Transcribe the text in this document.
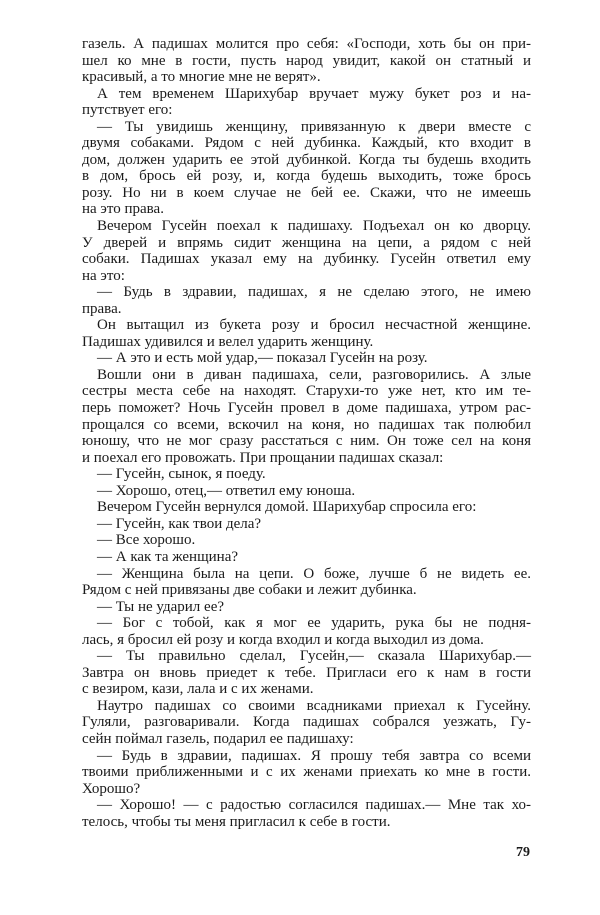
газель. А падишах молится про себя: «Господи, хоть бы он при-
шел ко мне в гости, пусть народ увидит, какой он статный и
красивый, а то многие мне не верят».
А тем временем Шарихубар вручает мужу букет роз и на-
путствует его:
— Ты увидишь женщину, привязанную к двери вместе с
двумя собаками. Рядом с ней дубинка. Каждый, кто входит в
дом, должен ударить ее этой дубинкой. Когда ты будешь входить
в дом, брось ей розу, и, когда будешь выходить, тоже брось
розу. Но ни в коем случае не бей ее. Скажи, что не имеешь
на это права.
Вечером Гусейн поехал к падишаху. Подъехал он ко дворцу.
У дверей и впрямь сидит женщина на цепи, а рядом с ней
собаки. Падишах указал ему на дубинку. Гусейн ответил ему
на это:
— Будь в здравии, падишах, я не сделаю этого, не имею
права.
Он вытащил из букета розу и бросил несчастной женщине.
Падишах удивился и велел ударить женщину.
— А это и есть мой удар,— показал Гусейн на розу.
Вошли они в диван падишаха, сели, разговорились. А злые
сестры места себе на находят. Старухи-то уже нет, кто им те-
перь поможет? Ночь Гусейн провел в доме падишаха, утром рас-
прощался со всеми, вскочил на коня, но падишах так полюбил
юношу, что не мог сразу расстаться с ним. Он тоже сел на коня
и поехал его провожать. При прощании падишах сказал:
— Гусейн, сынок, я поеду.
— Хорошо, отец,— ответил ему юноша.
Вечером Гусейн вернулся домой. Шарихубар спросила его:
— Гусейн, как твои дела?
— Все хорошо.
— А как та женщина?
— Женщина была на цепи. О боже, лучше б не видеть ее.
Рядом с ней привязаны две собаки и лежит дубинка.
— Ты не ударил ее?
— Бог с тобой, как я мог ее ударить, рука бы не подня-
лась, я бросил ей розу и когда входил и когда выходил из дома.
— Ты правильно сделал, Гусейн,— сказала Шарихубар.—
Завтра он вновь приедет к тебе. Пригласи его к нам в гости
с везиром, кази, лала и с их женами.
Наутро падишах со своими всадниками приехал к Гусейну.
Гуляли, разговаривали. Когда падишах собрался уезжать, Гу-
сейн поймал газель, подарил ее падишаху:
— Будь в здравии, падишах. Я прошу тебя завтра со всеми
твоими приближенными и с их женами приехать ко мне в гости.
Хорошо?
— Хорошо! — с радостью согласился падишах.— Мне так хо-
телось, чтобы ты меня пригласил к себе в гости.
79
